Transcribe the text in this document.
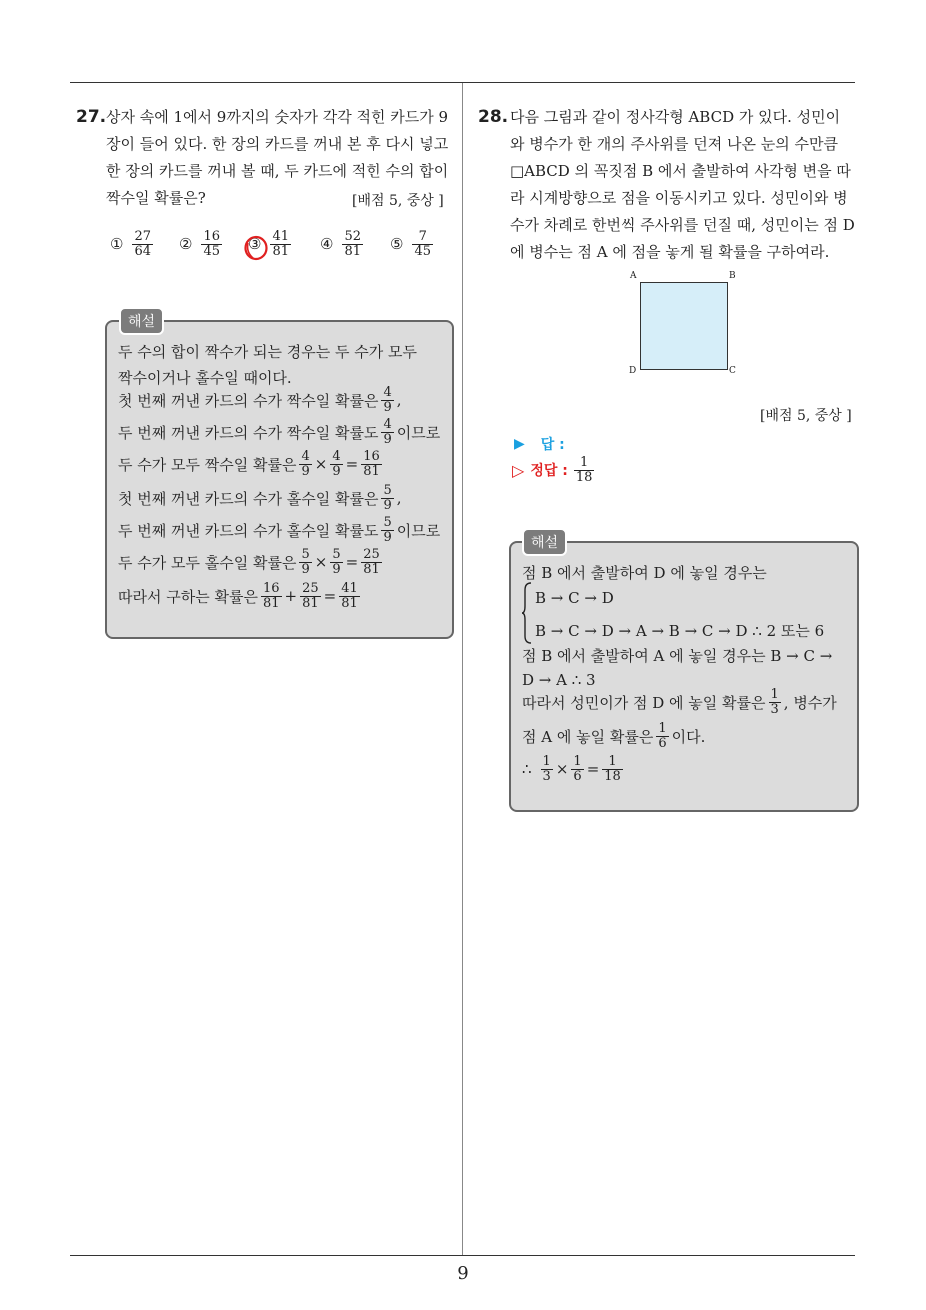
9
27. 상자 속에 1에서 9까지의 숫자가 각각 적힌 카드가 9
장이 들어 있다. 한 장의 카드를 꺼내 본 후 다시 넣고
한 장의 카드를 꺼내 볼 때, 두 카드에 적힌 수의 합이
짝수일 확률은?	[배점 5, 중상 ]
① $\frac{27}{64}$ ② $\frac{16}{45}$ ③ $\frac{41}{81}$ ④ $\frac{52}{81}$ ⑤ $\frac{7}{45}$
해설
두 수의 합이 짝수가 되는 경우는 두 수가 모두
짝수이거나 홀수일 때이다.
첫 번째 꺼낸 카드의 수가 짝수일 확률은 $\frac{4}{9}$ ,
두 번째 꺼낸 카드의 수가 짝수일 확률도 $\frac{4}{9}$ 이므로
두 수가 모두 짝수일 확률은 $\frac{4}{9} \times \frac{4}{9} = \frac{16}{81}$
첫 번째 꺼낸 카드의 수가 홀수일 확률은 $\frac{5}{9}$ ,
두 번째 꺼낸 카드의 수가 홀수일 확률도 $\frac{5}{9}$ 이므로
두 수가 모두 홀수일 확률은 $\frac{5}{9} \times \frac{5}{9} = \frac{25}{81}$
따라서 구하는 확률은 $\frac{16}{81} + \frac{25}{81} = \frac{41}{81}$
28. 다음 그림과 같이 정사각형 ABCD 가 있다. 성민이
와 병수가 한 개의 주사위를 던져 나온 눈의 수만큼
□ABCD 의 꼭짓점 B 에서 출발하여 사각형 변을 따
라 시계방향으로 점을 이동시키고 있다. 성민이와 병
수가 차례로 한번씩 주사위를 던질 때, 성민이는 점 D
에 병수는 점 A 에 점을 놓게 될 확률을 구하여라.
A	B
C
D
[배점 5, 중상 ]
▶ 답 :
▷ 정답 : $\frac{1}{18}$
해설
점 B 에서 출발하여 D 에 놓일 경우는
B → C → D
B → C → D → A → B → C → D ∴ 2 또는 6
점 B 에서 출발하여 A 에 놓일 경우는 B → C →
D → A ∴ 3
따라서 성민이가 점 D 에 놓일 확률은 $\frac{1}{3}$ , 병수가
점 A 에 놓일 확률은 $\frac{1}{6}$ 이다.
∴ $\frac{1}{3} \times \frac{1}{6} = \frac{1}{18}$
